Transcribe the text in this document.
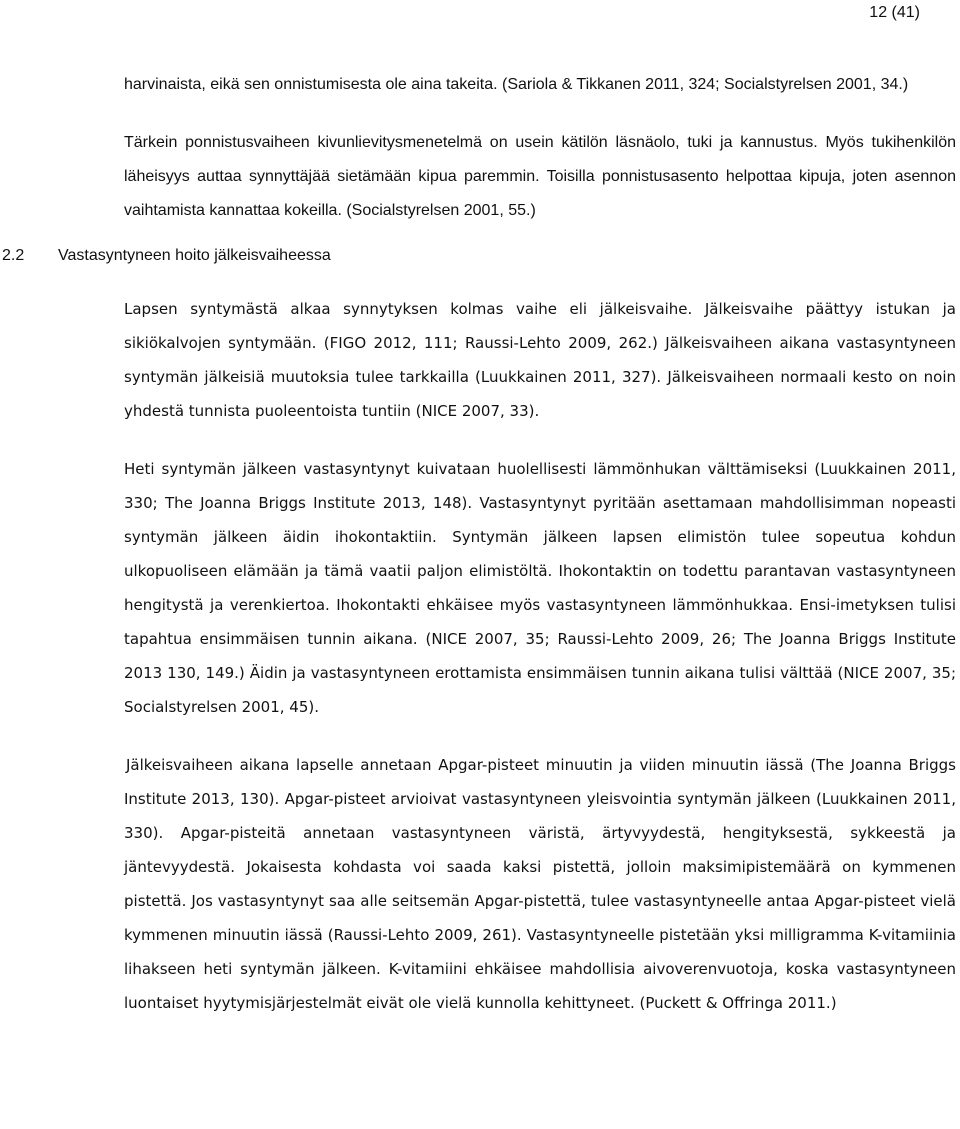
12 (41)

harvinaista, eikä sen onnistumisesta ole aina takeita. (Sariola & Tikkanen 2011, 324; Socialstyrelsen 2001, 34.)

Tärkein ponnistusvaiheen kivunlievitysmenetelmä on usein kätilön läsnäolo, tuki ja kannustus. Myös tukihenkilön läheisyys auttaa synnyttäjää sietämään kipua paremmin. Toisilla ponnistusasento helpottaa kipuja, joten asennon vaihtamista kannattaa kokeilla. (Socialstyrelsen 2001, 55.)

2.2 Vastasyntyneen hoito jälkeisvaiheessa

Lapsen syntymästä alkaa synnytyksen kolmas vaihe eli jälkeisvaihe. Jälkeisvaihe päättyy istukan ja sikiökalvojen syntymään. (FIGO 2012, 111; Raussi-Lehto 2009, 262.) Jälkeisvaiheen aikana vastasyntyneen syntymän jälkeisiä muutoksia tulee tarkkailla (Luukkainen 2011, 327). Jälkeisvaiheen normaali kesto on noin yhdestä tunnista puoleentoista tuntiin (NICE 2007, 33).

Heti syntymän jälkeen vastasyntynyt kuivataan huolellisesti lämmönhukan välttämiseksi (Luukkainen 2011, 330; The Joanna Briggs Institute 2013, 148). Vastasyntynyt pyritään asettamaan mahdollisimman nopeasti syntymän jälkeen äidin ihokontaktiin. Syntymän jälkeen lapsen elimistön tulee sopeutua kohdun ulkopuoliseen elämään ja tämä vaatii paljon elimistöltä. Ihokontaktin on todettu parantavan vastasyntyneen hengitystä ja verenkiertoa. Ihokontakti ehkäisee myös vastasyntyneen lämmönhukkaa. Ensi-imetyksen tulisi tapahtua ensimmäisen tunnin aikana. (NICE 2007, 35; Raussi-Lehto 2009, 26; The Joanna Briggs Institute 2013 130, 149.) Äidin ja vastasyntyneen erottamista ensimmäisen tunnin aikana tulisi välttää (NICE 2007, 35; Socialstyrelsen 2001, 45).

Jälkeisvaiheen aikana lapselle annetaan Apgar-pisteet minuutin ja viiden minuutin iässä (The Joanna Briggs Institute 2013, 130). Apgar-pisteet arvioivat vastasyntyneen yleisvointia syntymän jälkeen (Luukkainen 2011, 330). Apgar-pisteitä annetaan vastasyntyneen väristä, ärtyvyydestä, hengityksestä, sykkeestä ja jäntevyydestä. Jokaisesta kohdasta voi saada kaksi pistettä, jolloin maksimipistemäärä on kymmenen pistettä. Jos vastasyntynyt saa alle seitsemän Apgar-pistettä, tulee vastasyntyneelle antaa Apgar-pisteet vielä kymmenen minuutin iässä (Raussi-Lehto 2009, 261). Vastasyntyneelle pistetään yksi milligramma K-vitamiinia lihakseen heti syntymän jälkeen. K-vitamiini ehkäisee mahdollisia aivoverenvuotoja, koska vastasyntyneen luontaiset hyytymisjärjestelmät eivät ole vielä kunnolla kehittyneet. (Puckett & Offringa 2011.)
